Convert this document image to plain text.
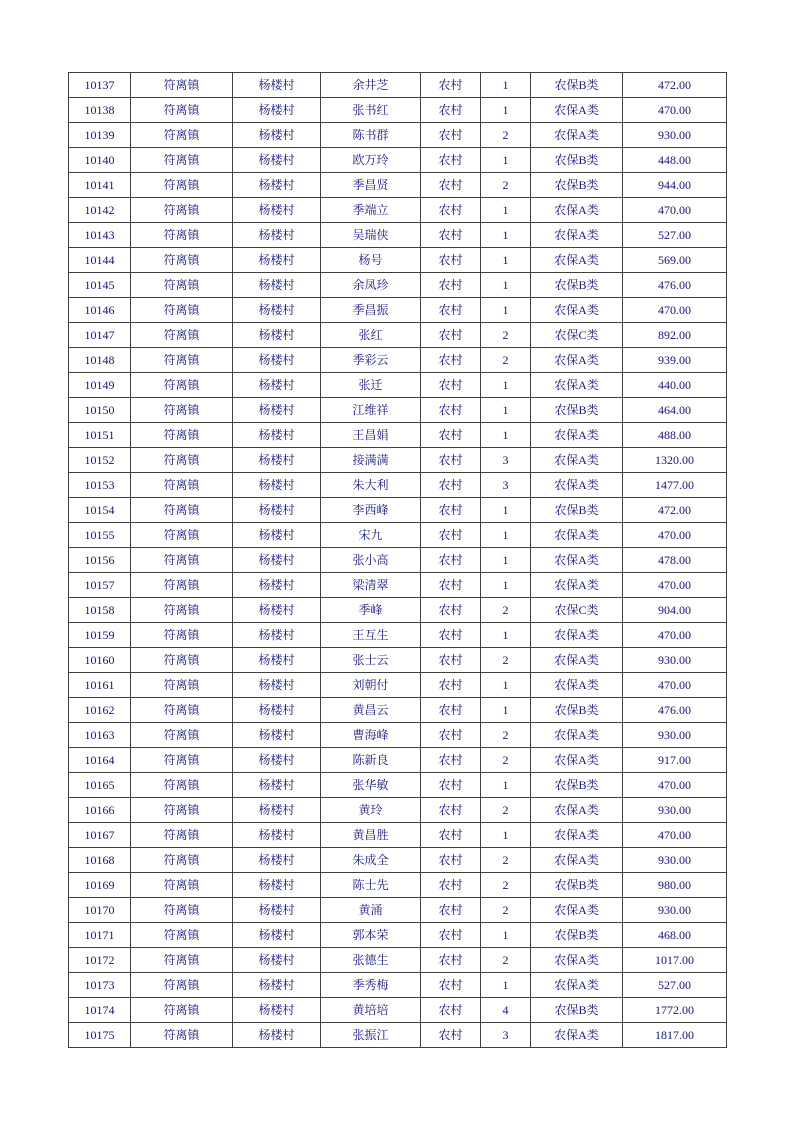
10137	符离镇	杨楼村	余井芝	农村	1	农保B类	472.00
10138	符离镇	杨楼村	张书红	农村	1	农保A类	470.00
10139	符离镇	杨楼村	陈书群	农村	2	农保A类	930.00
10140	符离镇	杨楼村	欧万玲	农村	1	农保B类	448.00
10141	符离镇	杨楼村	季昌贤	农村	2	农保B类	944.00
10142	符离镇	杨楼村	季端立	农村	1	农保A类	470.00
10143	符离镇	杨楼村	吴瑞侠	农村	1	农保A类	527.00
10144	符离镇	杨楼村	杨号	农村	1	农保A类	569.00
10145	符离镇	杨楼村	余凤珍	农村	1	农保B类	476.00
10146	符离镇	杨楼村	季昌振	农村	1	农保A类	470.00
10147	符离镇	杨楼村	张红	农村	2	农保C类	892.00
10148	符离镇	杨楼村	季彩云	农村	2	农保A类	939.00
10149	符离镇	杨楼村	张迁	农村	1	农保A类	440.00
10150	符离镇	杨楼村	江维祥	农村	1	农保B类	464.00
10151	符离镇	杨楼村	王昌娟	农村	1	农保A类	488.00
10152	符离镇	杨楼村	接满满	农村	3	农保A类	1320.00
10153	符离镇	杨楼村	朱大利	农村	3	农保A类	1477.00
10154	符离镇	杨楼村	李西峰	农村	1	农保B类	472.00
10155	符离镇	杨楼村	宋九	农村	1	农保A类	470.00
10156	符离镇	杨楼村	张小高	农村	1	农保A类	478.00
10157	符离镇	杨楼村	梁清翠	农村	1	农保A类	470.00
10158	符离镇	杨楼村	季峰	农村	2	农保C类	904.00
10159	符离镇	杨楼村	王互生	农村	1	农保A类	470.00
10160	符离镇	杨楼村	张士云	农村	2	农保A类	930.00
10161	符离镇	杨楼村	刘朝付	农村	1	农保A类	470.00
10162	符离镇	杨楼村	黄昌云	农村	1	农保B类	476.00
10163	符离镇	杨楼村	曹海峰	农村	2	农保A类	930.00
10164	符离镇	杨楼村	陈新良	农村	2	农保A类	917.00
10165	符离镇	杨楼村	张华敏	农村	1	农保B类	470.00
10166	符离镇	杨楼村	黄玲	农村	2	农保A类	930.00
10167	符离镇	杨楼村	黄昌胜	农村	1	农保A类	470.00
10168	符离镇	杨楼村	朱成全	农村	2	农保A类	930.00
10169	符离镇	杨楼村	陈士先	农村	2	农保B类	980.00
10170	符离镇	杨楼村	黄涌	农村	2	农保A类	930.00
10171	符离镇	杨楼村	郭本荣	农村	1	农保B类	468.00
10172	符离镇	杨楼村	张德生	农村	2	农保A类	1017.00
10173	符离镇	杨楼村	季秀梅	农村	1	农保A类	527.00
10174	符离镇	杨楼村	黄培培	农村	4	农保B类	1772.00
10175	符离镇	杨楼村	张振江	农村	3	农保A类	1817.00
